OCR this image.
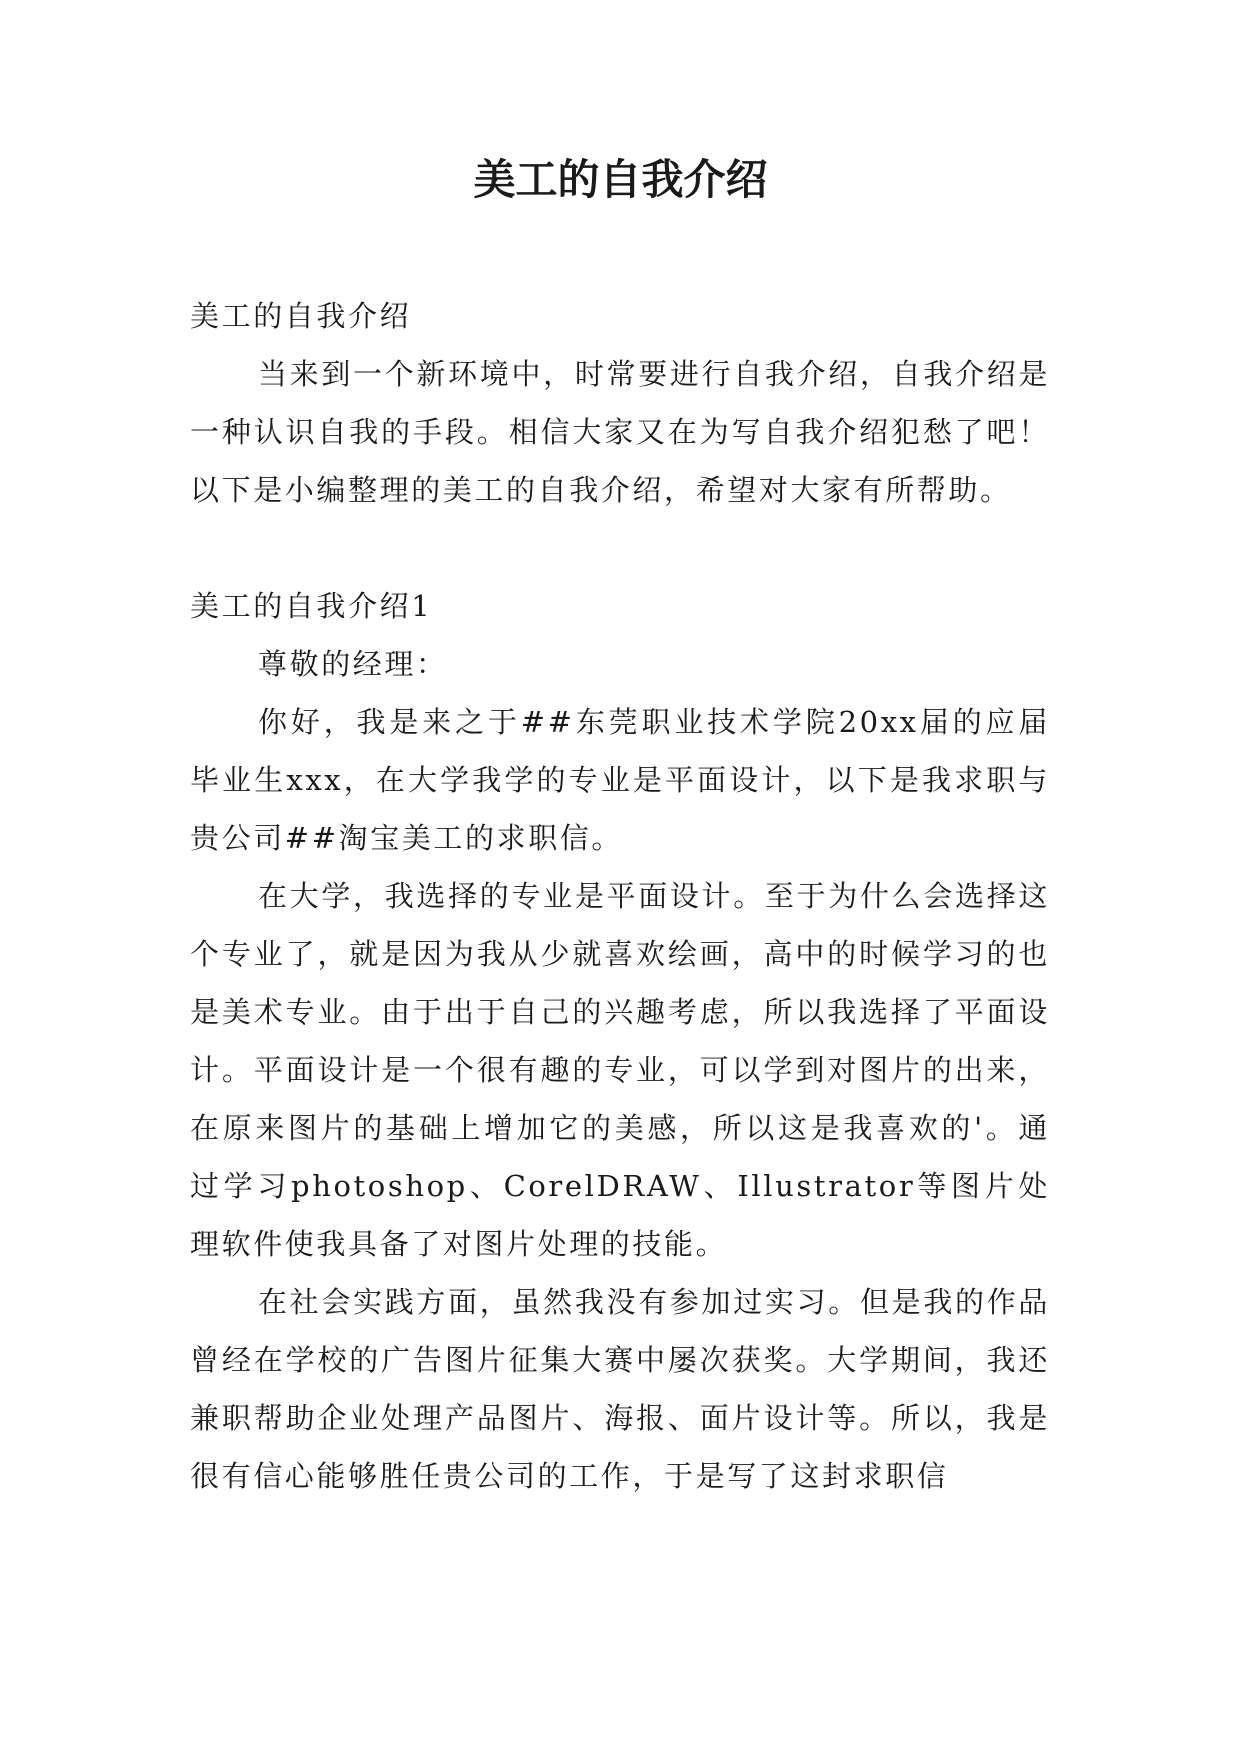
美工的自我介绍

美工的自我介绍

当来到一个新环境中，时常要进行自我介绍，自我介绍是一种认识自我的手段。相信大家又在为写自我介绍犯愁了吧！以下是小编整理的美工的自我介绍，希望对大家有所帮助。

美工的自我介绍1

尊敬的经理：

你好，我是来之于##东莞职业技术学院20xx届的应届毕业生xxx，在大学我学的专业是平面设计，以下是我求职与贵公司##淘宝美工的求职信。

在大学，我选择的专业是平面设计。至于为什么会选择这个专业了，就是因为我从少就喜欢绘画，高中的时候学习的也是美术专业。由于出于自己的兴趣考虑，所以我选择了平面设计。平面设计是一个很有趣的专业，可以学到对图片的出来，在原来图片的基础上增加它的美感，所以这是我喜欢的'。通过学习photoshop、CorelDRAW、Illustrator等图片处理软件使我具备了对图片处理的技能。

在社会实践方面，虽然我没有参加过实习。但是我的作品曾经在学校的广告图片征集大赛中屡次获奖。大学期间，我还兼职帮助企业处理产品图片、海报、面片设计等。所以，我是很有信心能够胜任贵公司的工作，于是写了这封求职信
